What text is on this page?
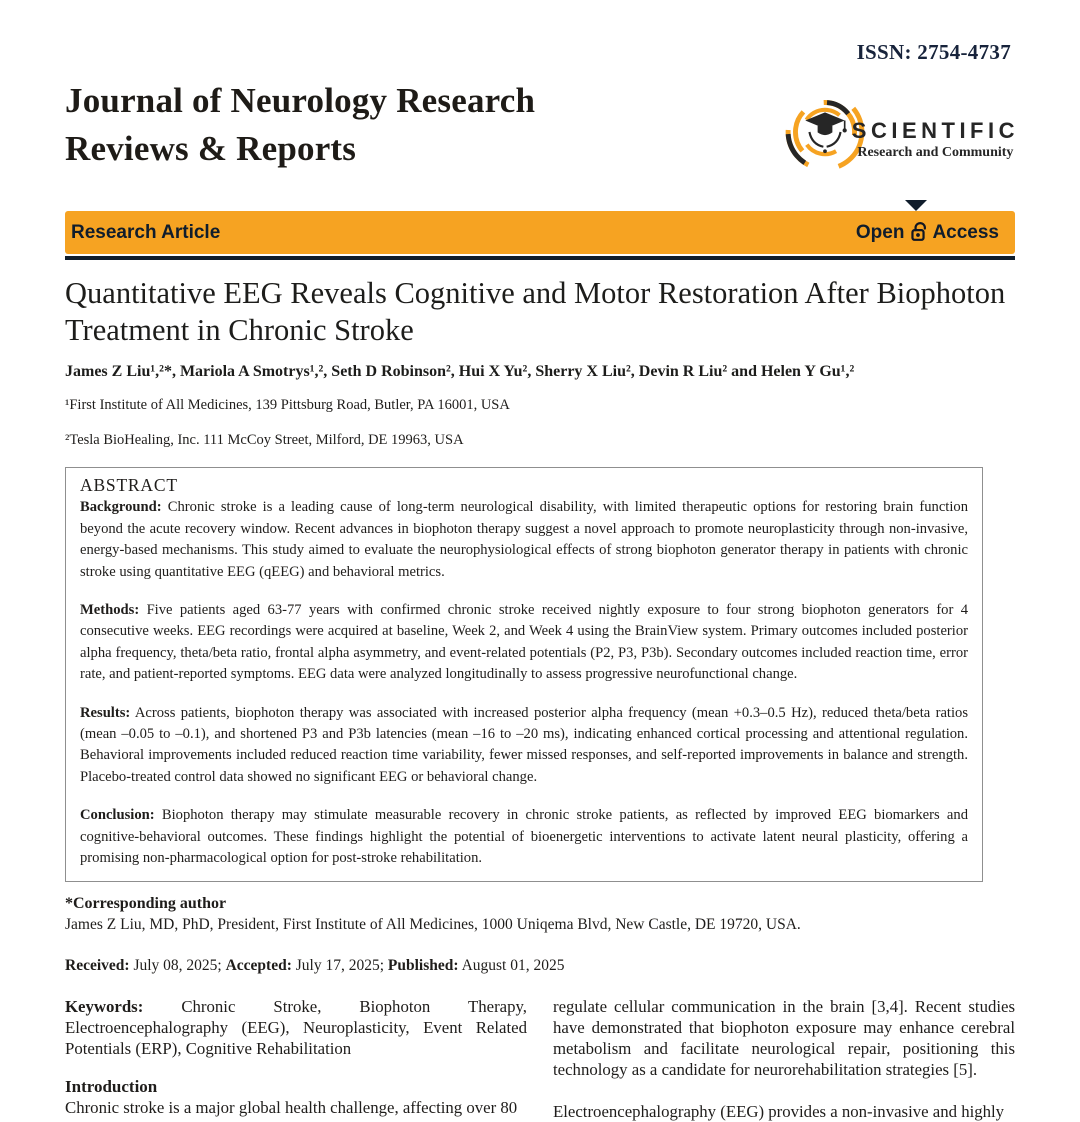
ISSN: 2754-4737
Journal of Neurology Research
Reviews & Reports	SCIENTIFIC
Research and Community
Research Article	Open Access
Quantitative EEG Reveals Cognitive and Motor Restoration After Biophoton Treatment in Chronic Stroke
James Z Liu¹,²*, Mariola A Smotrys¹,², Seth D Robinson², Hui X Yu², Sherry X Liu², Devin R Liu² and Helen Y Gu¹,²
¹First Institute of All Medicines, 139 Pittsburg Road, Butler, PA 16001, USA
²Tesla BioHealing, Inc. 111 McCoy Street, Milford, DE 19963, USA
ABSTRACT

Background: Chronic stroke is a leading cause of long-term neurological disability, with limited therapeutic options for restoring brain function beyond the acute recovery window. Recent advances in biophoton therapy suggest a novel approach to promote neuroplasticity through non-invasive, energy-based mechanisms. This study aimed to evaluate the neurophysiological effects of strong biophoton generator therapy in patients with chronic stroke using quantitative EEG (qEEG) and behavioral metrics.

Methods: Five patients aged 63-77 years with confirmed chronic stroke received nightly exposure to four strong biophoton generators for 4 consecutive weeks. EEG recordings were acquired at baseline, Week 2, and Week 4 using the BrainView system. Primary outcomes included posterior alpha frequency, theta/beta ratio, frontal alpha asymmetry, and event-related potentials (P2, P3, P3b). Secondary outcomes included reaction time, error rate, and patient-reported symptoms. EEG data were analyzed longitudinally to assess progressive neurofunctional change.

Results: Across patients, biophoton therapy was associated with increased posterior alpha frequency (mean +0.3–0.5 Hz), reduced theta/beta ratios (mean –0.05 to –0.1), and shortened P3 and P3b latencies (mean –16 to –20 ms), indicating enhanced cortical processing and attentional regulation. Behavioral improvements included reduced reaction time variability, fewer missed responses, and self-reported improvements in balance and strength. Placebo-treated control data showed no significant EEG or behavioral change.

Conclusion: Biophoton therapy may stimulate measurable recovery in chronic stroke patients, as reflected by improved EEG biomarkers and cognitive-behavioral outcomes. These findings highlight the potential of bioenergetic interventions to activate latent neural plasticity, offering a promising non-pharmacological option for post-stroke rehabilitation.

*Corresponding author
James Z Liu, MD, PhD, President, First Institute of All Medicines, 1000 Uniqema Blvd, New Castle, DE 19720, USA.
Received: July 08, 2025; Accepted: July 17, 2025; Published: August 01, 2025

Keywords: Chronic Stroke, Biophoton Therapy, Electroencephalography (EEG), Neuroplasticity, Event Related Potentials (ERP), Cognitive Rehabilitation

Introduction

Chronic stroke is a major global health challenge, affecting over 80

regulate cellular communication in the brain [3,4]. Recent studies have demonstrated that biophoton exposure may enhance cerebral metabolism and facilitate neurological repair, positioning this technology as a candidate for neurorehabilitation strategies [5].

Electroencephalography (EEG) provides a non-invasive and highly
